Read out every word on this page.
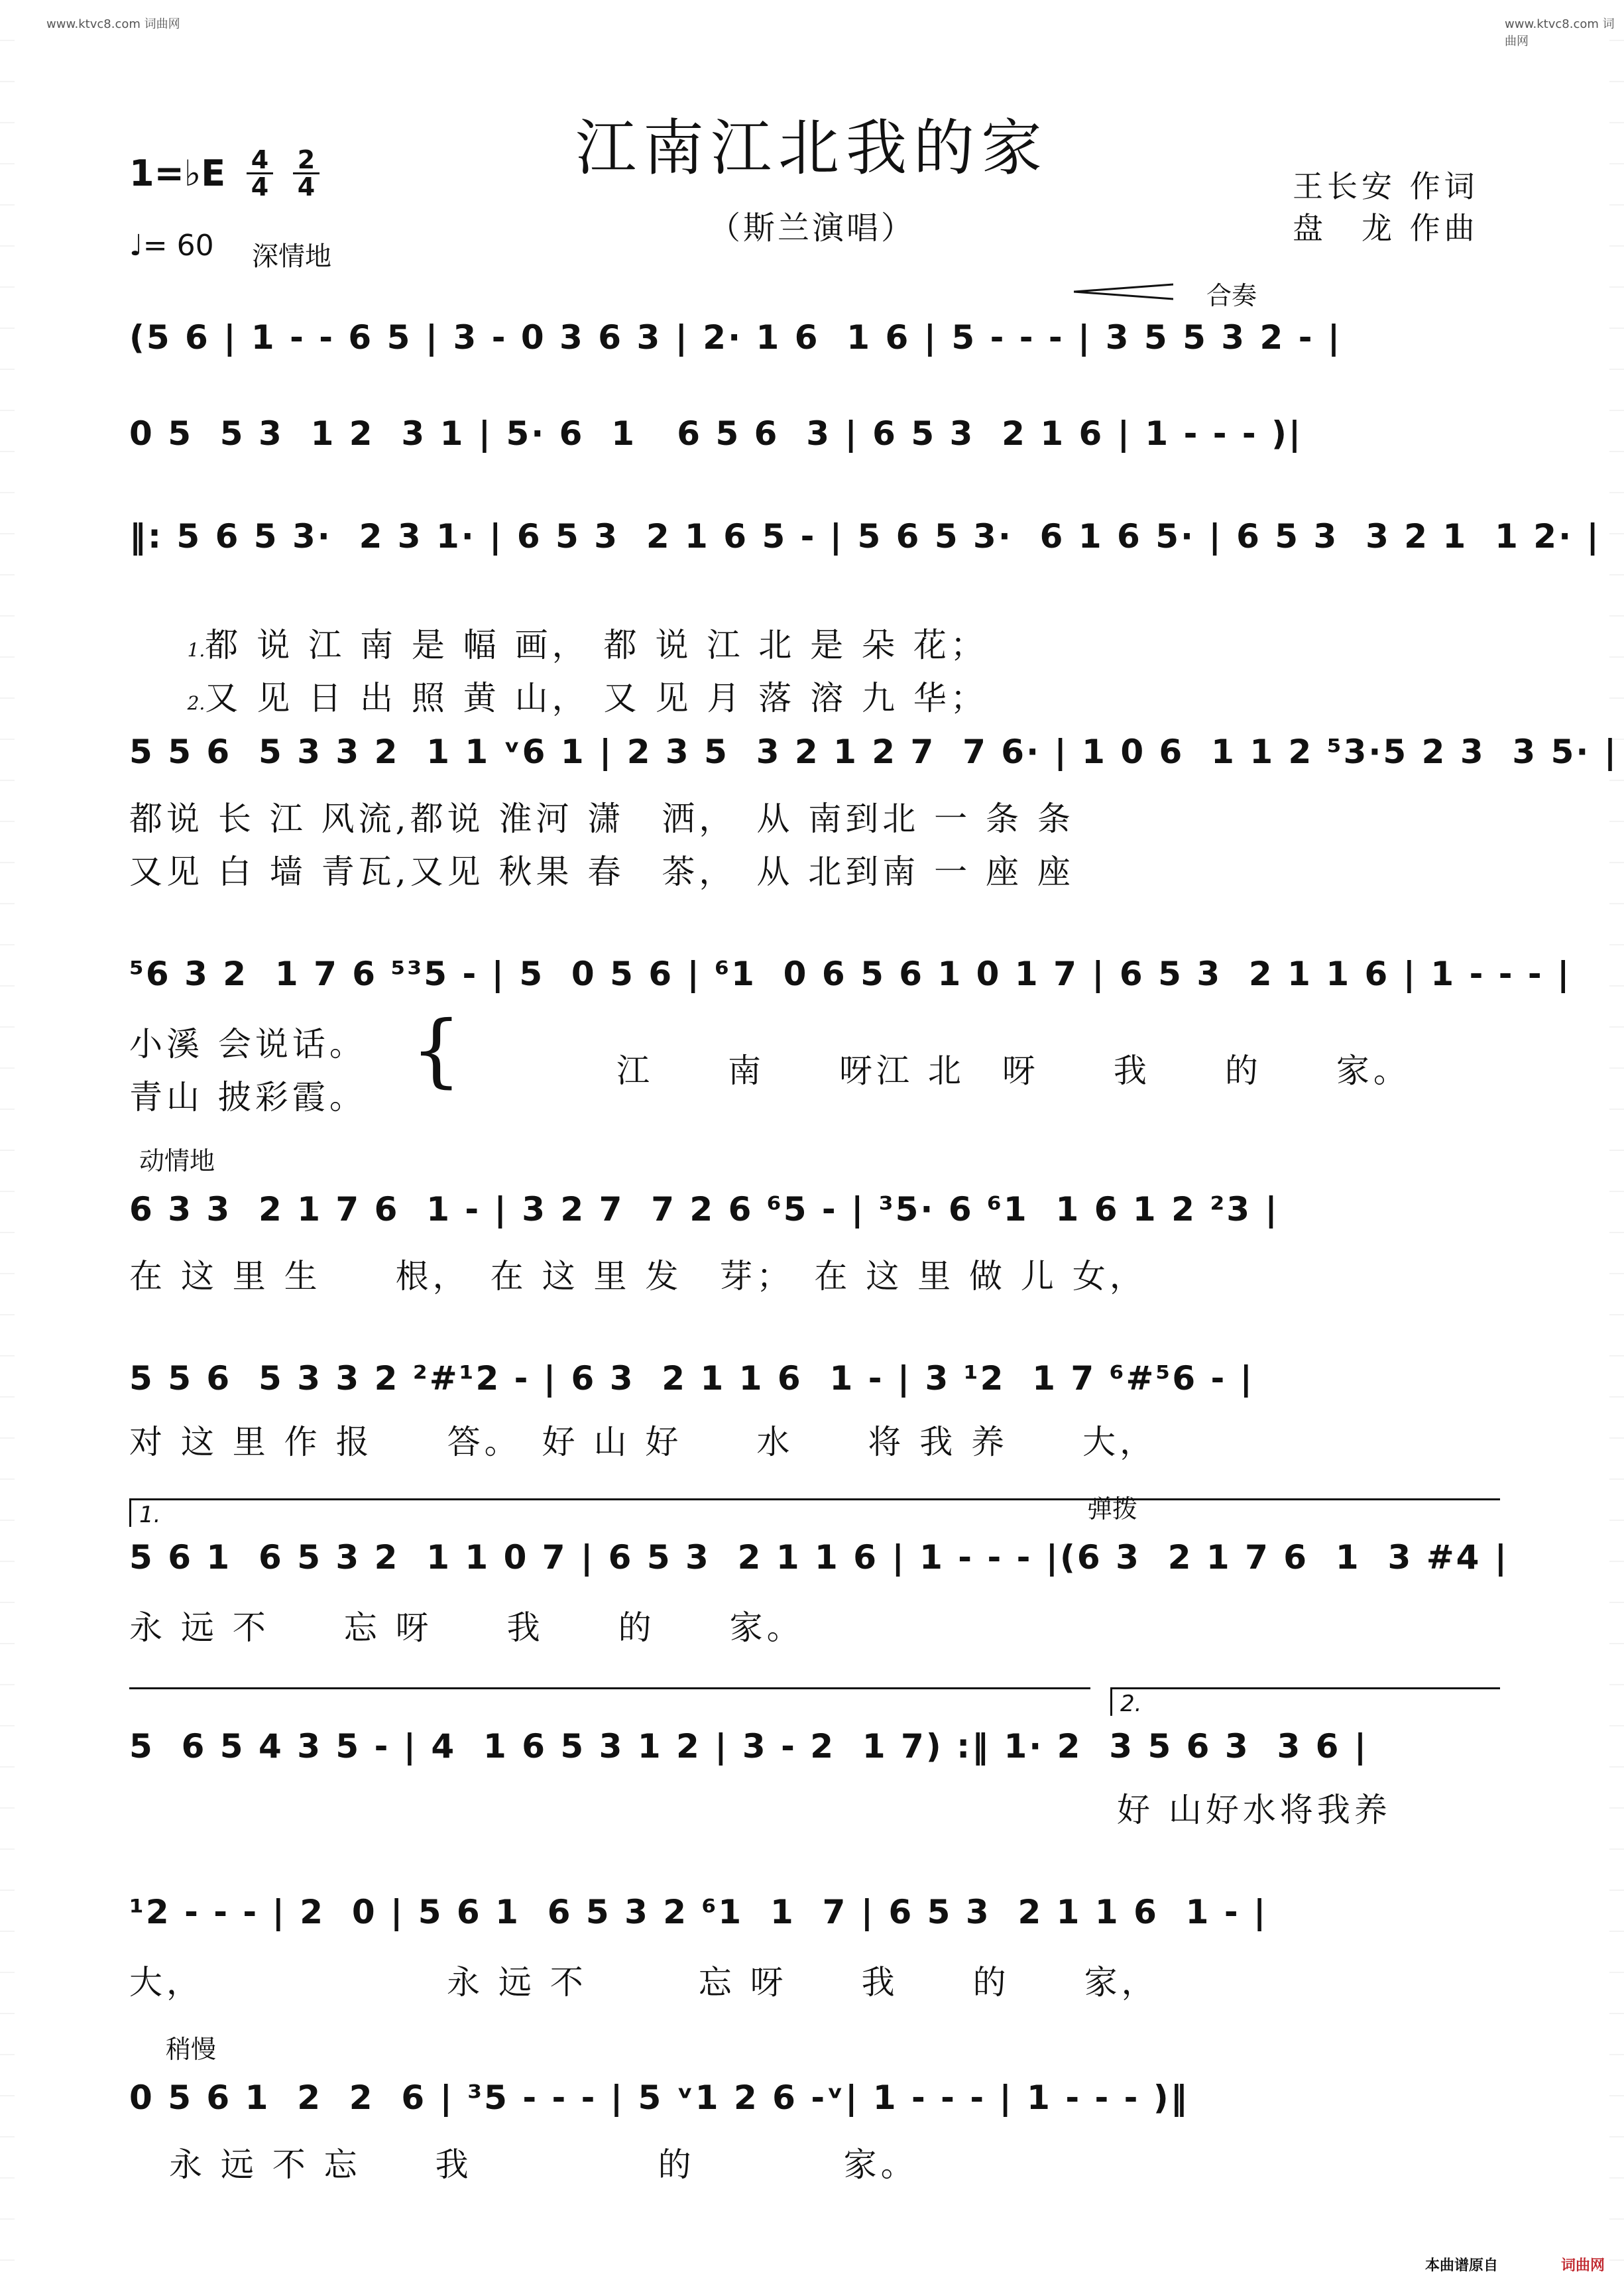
www.ktvc8.com 词曲网	www.ktvc8.com 词曲网
江南江北我的家
（斯兰演唱）
1=♭E 4
4
2
4
♩= 60 深情地
王长安 作词
盘　龙 作曲
合奏
(5 6 | 1 - - 6 5 | 3 - 0 3 6 3 | 2· 1 6  1 6 | 5 - - - | 3 5 5 3 2 - |
0 5  5 3  1 2  3 1 | 5· 6  1   6 5 6  3 | 6 5 3  2 1 6 | 1 - - - )|
‖: 5 6 5 3·  2 3 1· | 6 5 3  2 1 6 5 - | 5 6 5 3·  6 1 6 5· | 6 5 3  3 2 1  1 2· |

1.都 说 江 南 是 幅 画， 都 说 江 北 是 朵 花；

2.又 见 日 出 照 黄 山， 又 见 月 落 溶 九 华；

5 5 6  5 3 3 2  1 1 ᵛ6 1 | 2 3 5  3 2 1 2 7  7 6· | 1 0 6  1 1 2 ⁵3·5 2 3  3 5· |
都说 长 江 风流,都说 淮河 潇　洒，　从 南到北 一 条 条
又见 白 墙 青瓦,又见 秋果 春　茶，　从 北到南 一 座 座
⁵6 3 2  1 7 6 ⁵³5 - | 5  0 5 6 | ⁶1  0 6 5 6 1 0 1 7 | 6 5 3  2 1 1 6 | 1 - - - |
小溪 会说话。
青山 披彩霞。
{	江　　南　　呀江 北　呀　　我　　的　　家。
动情地
6 3 3  2 1 7 6  1 - | 3 2 7  7 2 6 ⁶5 - | ³5· 6 ⁶1  1 6 1 2 ²3 |
在 这 里 生　　根，　在 这 里 发　芽；　在 这 里 做 儿 女，
5 5 6  5 3 3 2 ²#¹2 - | 6 3  2 1 1 6  1 - | 3 ¹2  1 7 ⁶#⁵6 - |
对 这 里 作 报　　答。　好 山 好　　水　　将 我 养　　大，
1.	弹拨
5 6 1  6 5 3 2  1 1 0 7 | 6 5 3  2 1 1 6 | 1 - - - |(6 3  2 1 7 6  1  3 #4 |
永 远 不　　忘 呀　　我　　的　　家。
2.
5  6 5 4 3 5 - | 4  1 6 5 3 1 2 | 3 - 2  1 7) :‖ 1· 2  3 5 6 3  3 6 |
好 山好水将我养
¹2 - - - | 2  0 | 5 6 1  6 5 3 2 ⁶1  1  7 | 6 5 3  2 1 1 6  1 - |
大，　　　　　　　永 远 不　　　忘 呀　　我　　的　　家，
稍慢
0 5 6 1  2  2  6 | ³5 - - - | 5 ᵛ1 2 6 -ᵛ| 1 - - - | 1 - - - )‖
永 远 不 忘　　我　　　　　的　　　　家。
本曲谱原自	词曲网
